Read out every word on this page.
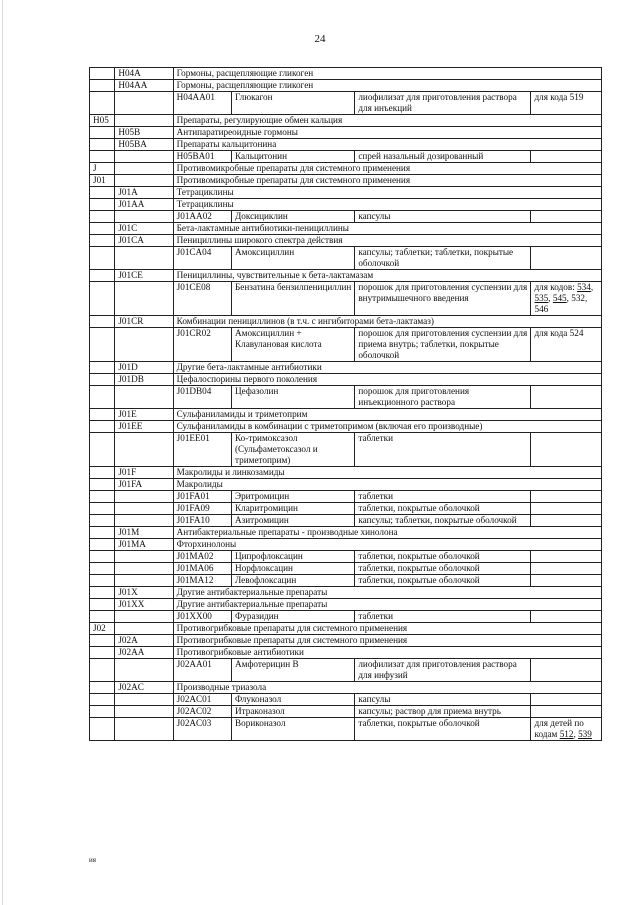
24
	H04A	Гормоны, расщепляющие гликоген			
	H04AA	Гормоны, расщепляющие гликоген			
		H04AA01	Глюкагон	лиофилизат для приготовления раствора для инъекций	для кода 519
H05		Препараты, регулирующие обмен кальция			
	H05B	Антипаратиреоидные гормоны			
	H05BA	Препараты кальцитонина			
		H05BA01	Кальцитонин	спрей назальный дозированный	
J		Противомикробные препараты для системного применения			
J01		Противомикробные препараты для системного применения			
	J01A	Тетрациклины			
	J01AA	Тетрациклины			
		J01AA02	Доксициклин	капсулы	
	J01C	Бета-лактамные антибиотики-пенициллины			
	J01CA	Пенициллины широкого спектра действия			
		J01CA04	Амоксициллин	капсулы; таблетки; таблетки, покрытые оболочкой	
	J01CE	Пенициллины, чувствительные к бета-лактамазам			
		J01CE08	Бензатина бензилпенициллин	порошок для приготовления суспензии для внутримышечного введения	для кодов: 534, 535, 545, 532, 546
	J01CR	Комбинации пенициллинов (в т.ч. с ингибиторами бета-лактамаз)			
		J01CR02	Амоксициллин + Клавулановая кислота	порошок для приготовления суспензии для приема внутрь; таблетки, покрытые оболочкой	для кода 524
	J01D	Другие бета-лактамные антибиотики			
	J01DB	Цефалоспорины первого поколения			
		J01DB04	Цефазолин	порошок для приготовления инъекционного раствора	
	J01E	Сульфаниламиды и триметоприм			
	J01EE	Сульфаниламиды в комбинации с триметопримом (включая его производные)			
		J01EE01	Ко-тримоксазол (Сульфаметоксазол и триметоприм)	таблетки	
	J01F	Макролиды и линкозамиды			
	J01FA	Макролиды			
		J01FA01	Эритромицин	таблетки	
		J01FA09	Кларитромицин	таблетки, покрытые оболочкой	
		J01FA10	Азитромицин	капсулы; таблетки, покрытые оболочкой	
	J01M	Антибактериальные препараты - производные хинолона			
	J01MA	Фторхинолоны			
		J01MA02	Ципрофлоксацин	таблетки, покрытые оболочкой	
		J01MA06	Норфлоксацин	таблетки, покрытые оболочкой	
		J01MA12	Левофлоксацин	таблетки, покрытые оболочкой	
	J01X	Другие антибактериальные препараты			
	J01XX	Другие антибактериальные препараты			
		J01XX00	Фуразидин	таблетки	
J02		Противогрибковые препараты для системного применения			
	J02A	Противогрибковые препараты для системного применения			
	J02AA	Противогрибковые антибиотики			
		J02AA01	Амфотерицин В	лиофилизат для приготовления раствора для инфузий	
	J02AC	Производные триазола			
		J02AC01	Флуконазол	капсулы	
		J02AC02	Итраконазол	капсулы; раствор для приема внутрь	
		J02AC03	Вориконазол	таблетки, покрытые оболочкой	для детей по кодам 512, 539
ия
